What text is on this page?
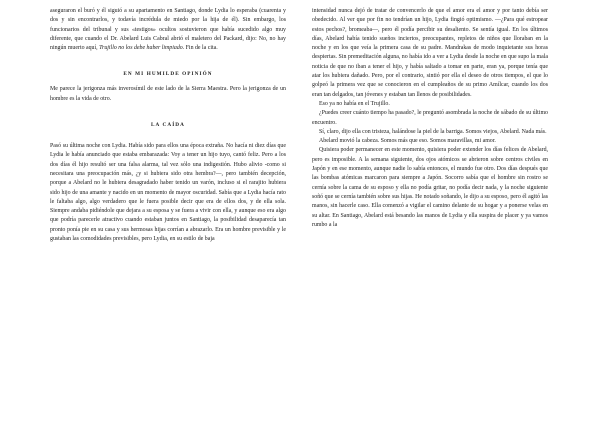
aseguraron el buró y él siguió a su apartamento en Santiago, donde Lydia lo esperaba (cuarenta y dos y sin encontrarlos, y todavía incrédula de miedo por la hija de él). Sin embargo, los funcionarios del tribunal y sus «testigos» ocultos sostuvieron que había sucedido algo muy diferente, que cuando el Dr. Abelard Luis Cabral abrió el maletero del Packard, dijo: No, no hay ningún muerto aquí, Trujillo no los debe haber limpiado. Fin de la cita.

EN MI HUMILDE OPINIÓN

Me parece la jerigonza más inverosímil de este lado de la Sierra Maestra. Pero la jerigonza de un hombre es la vida de otro.

LA CAÍDA

Pasó su última noche con Lydia. Había sido para ellos una época extraña. No hacía ni diez días que Lydia le había anunciado que estaba embarazada: Voy a tener un hijo tuyo, cantó feliz. Pero a los dos días él hijo resultó ser una falsa alarma, tal vez sólo una indigestión. Hubo alivio -como si necesitara una preocupación más, ¿y si hubiera sido otra hembra?—, pero también decepción, porque a Abelard no le hubiera desagradado haber tenido un varón, incluso si el rarajito hubiera sido hijo de una amante y nacido en un momento de mayor oscuridad. Sabía que a Lydia hacía rato le faltaba algo, algo verdadero que le fuera posible decir que era de ellos dos, y de ella sola. Siempre andaba pidiéndole que dejara a su esposa y se fuera a vivir con ella, y aunque eso era algo que podría parecerle atractivo cuando estaban juntos en Santiago, la posibilidad desaparecía tan pronto ponía pie en su casa y sus hermosas hijas corrían a abrazarlo. Era un hombre previsible y le gustaban las comodidades previsibles, pero Lydia, en su estilo de baja

intensidad nunca dejó de tratar de convencerlo de que el amor era el amor y por tanto debía ser obedecido. Al ver que por fin no tendrían un hijo, Lydia fingió optimismo. —¿Para qué estropear estos pechos?, bromeaba—, pero él podía percibir su desaliento. Se sentía igual. En los últimos días, Abelard había tenido sueños inciertos, preocupantes, repletos de niños que lloraban en la noche y en los que veía la primera casa de su padre. Mandrakas de modo inquietante sus horas despiertas. Sin premeditación alguna, no había ido a ver a Lydia desde la noche en que supo la mala noticia de que no iban a tener el hijo, y había saltado a tomar en parte, eran ya, porque tenía que atar los hubiera dañado. Pero, por el contrario, sintió por ella el deseo de otros tiempos, el que lo golpeó la primera vez que se conocieron en el cumpleaños de su primo Amílcar, cuando los dos eran tan delgados, tan jóvenes y estaban tan llenos de posibilidades.

Eso ya no había en el Trujillo.

¿Puedes creer cuánto tiempo ha pasado?, le preguntó asombrada la noche de sábado de su último encuentro.

Sí, claro, dijo ella con tristeza, halándose la piel de la barriga. Somos viejos, Abelard. Nada más.

Abelard movió la cabeza. Somos más que eso. Somos maravillas, mi amor.

Quisiera poder permanecer en este momento, quisiera poder extender los días felices de Abelard, pero es imposible. A la semana siguiente, dos ojos atómicos se abrieron sobre centros civiles en Japón y en ese momento, aunque nadie lo sabía entonces, el mundo fue otro. Dos días después que las bombas atómicas marcaron para siempre a Japón. Socorro sabía que el hombre sin rostro se cernía sobre la cama de su esposo y ella no podía gritar, no podía decir nada, y la noche siguiente soñó que se cernía también sobre sus hijas. He notado soñando, le dijo a su esposo, pero él agitó las manos, sin hacerle caso. Ella comenzó a vigilar el camino delante de su hogar y a ponerse velas en su altar. En Santiago, Abelard está besando las manos de Lydia y ella suspira de placer y ya vamos rumbo a la
